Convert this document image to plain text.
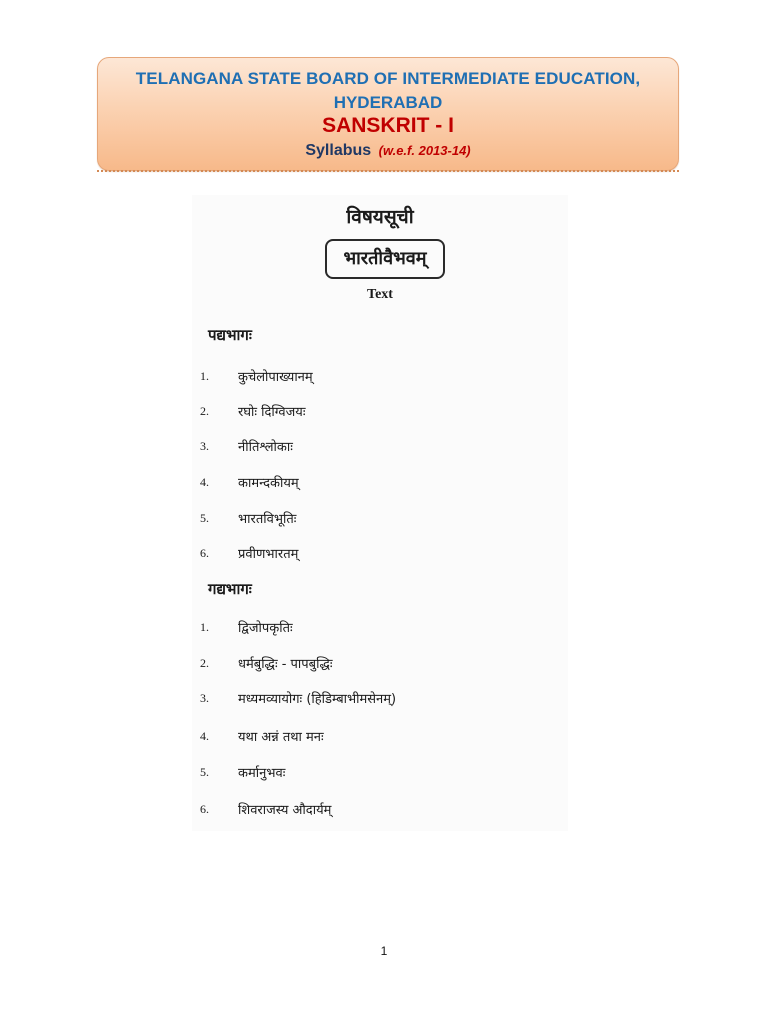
TELANGANA STATE BOARD OF INTERMEDIATE EDUCATION,
HYDERABAD
SANSKRIT - I
Syllabus (w.e.f. 2013-14)
विषयसूची
भारतीवैभवम्
Text
पद्यभागः
1. कुचेलोपाख्यानम्
2. रघोः दिग्विजयः
3. नीतिश्लोकाः
4. कामन्दकीयम्
5. भारतविभूतिः
6. प्रवीणभारतम्
गद्यभागः
1. द्विजोपकृतिः
2. धर्मबुद्धिः - पापबुद्धिः
3. मध्यमव्यायोगः (हिडिम्बाभीमसेनम्)
4. यथा अन्नं तथा मनः
5. कर्मानुभवः
6. शिवराजस्य औदार्यम्
1
